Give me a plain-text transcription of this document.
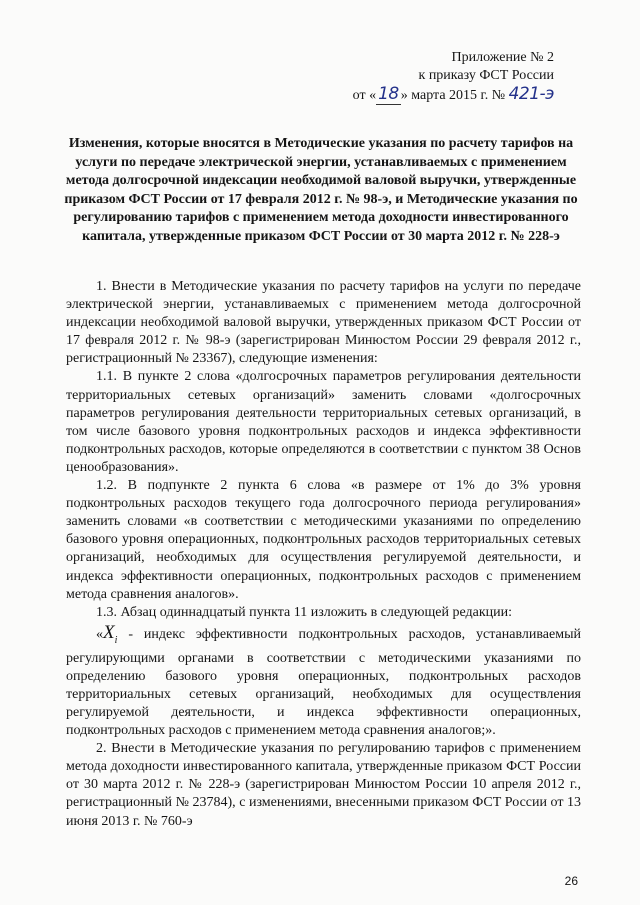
Приложение № 2
к приказу ФСТ России
от « 18 » марта 2015 г. № 421-э
Изменения, которые вносятся в Методические указания по расчету тарифов на услуги по передаче электрической энергии, устанавливаемых с применением метода долгосрочной индексации необходимой валовой выручки, утвержденные приказом ФСТ России от 17 февраля 2012 г. № 98-э, и Методические указания по регулированию тарифов с применением метода доходности инвестированного капитала, утвержденные приказом ФСТ России от 30 марта 2012 г. № 228-э

1. Внести в Методические указания по расчету тарифов на услуги по передаче электрической энергии, устанавливаемых с применением метода долгосрочной индексации необходимой валовой выручки, утвержденных приказом ФСТ России от 17 февраля 2012 г. № 98-э (зарегистрирован Минюстом России 29 февраля 2012 г., регистрационный № 23367), следующие изменения:

1.1. В пункте 2 слова «долгосрочных параметров регулирования деятельности территориальных сетевых организаций» заменить словами «долгосрочных параметров регулирования деятельности территориальных сетевых организаций, в том числе базового уровня подконтрольных расходов и индекса эффективности подконтрольных расходов, которые определяются в соответствии с пунктом 38 Основ ценообразования».

1.2. В подпункте 2 пункта 6 слова «в размере от 1% до 3% уровня подконтрольных расходов текущего года долгосрочного периода регулирования» заменить словами «в соответствии с методическими указаниями по определению базового уровня операционных, подконтрольных расходов территориальных сетевых организаций, необходимых для осуществления регулируемой деятельности, и индекса эффективности операционных, подконтрольных расходов с применением метода сравнения аналогов».

1.3. Абзац одиннадцатый пункта 11 изложить в следующей редакции:

«$X_i$ - индекс эффективности подконтрольных расходов, устанавливаемый регулирующими органами в соответствии с методическими указаниями по определению базового уровня операционных, подконтрольных расходов территориальных сетевых организаций, необходимых для осуществления регулируемой деятельности, и индекса эффективности операционных, подконтрольных расходов с применением метода сравнения аналогов;».

2. Внести в Методические указания по регулированию тарифов с применением метода доходности инвестированного капитала, утвержденные приказом ФСТ России от 30 марта 2012 г. № 228-э (зарегистрирован Минюстом России 10 апреля 2012 г., регистрационный № 23784), с изменениями, внесенными приказом ФСТ России от 13 июня 2013 г. № 760-э

26
